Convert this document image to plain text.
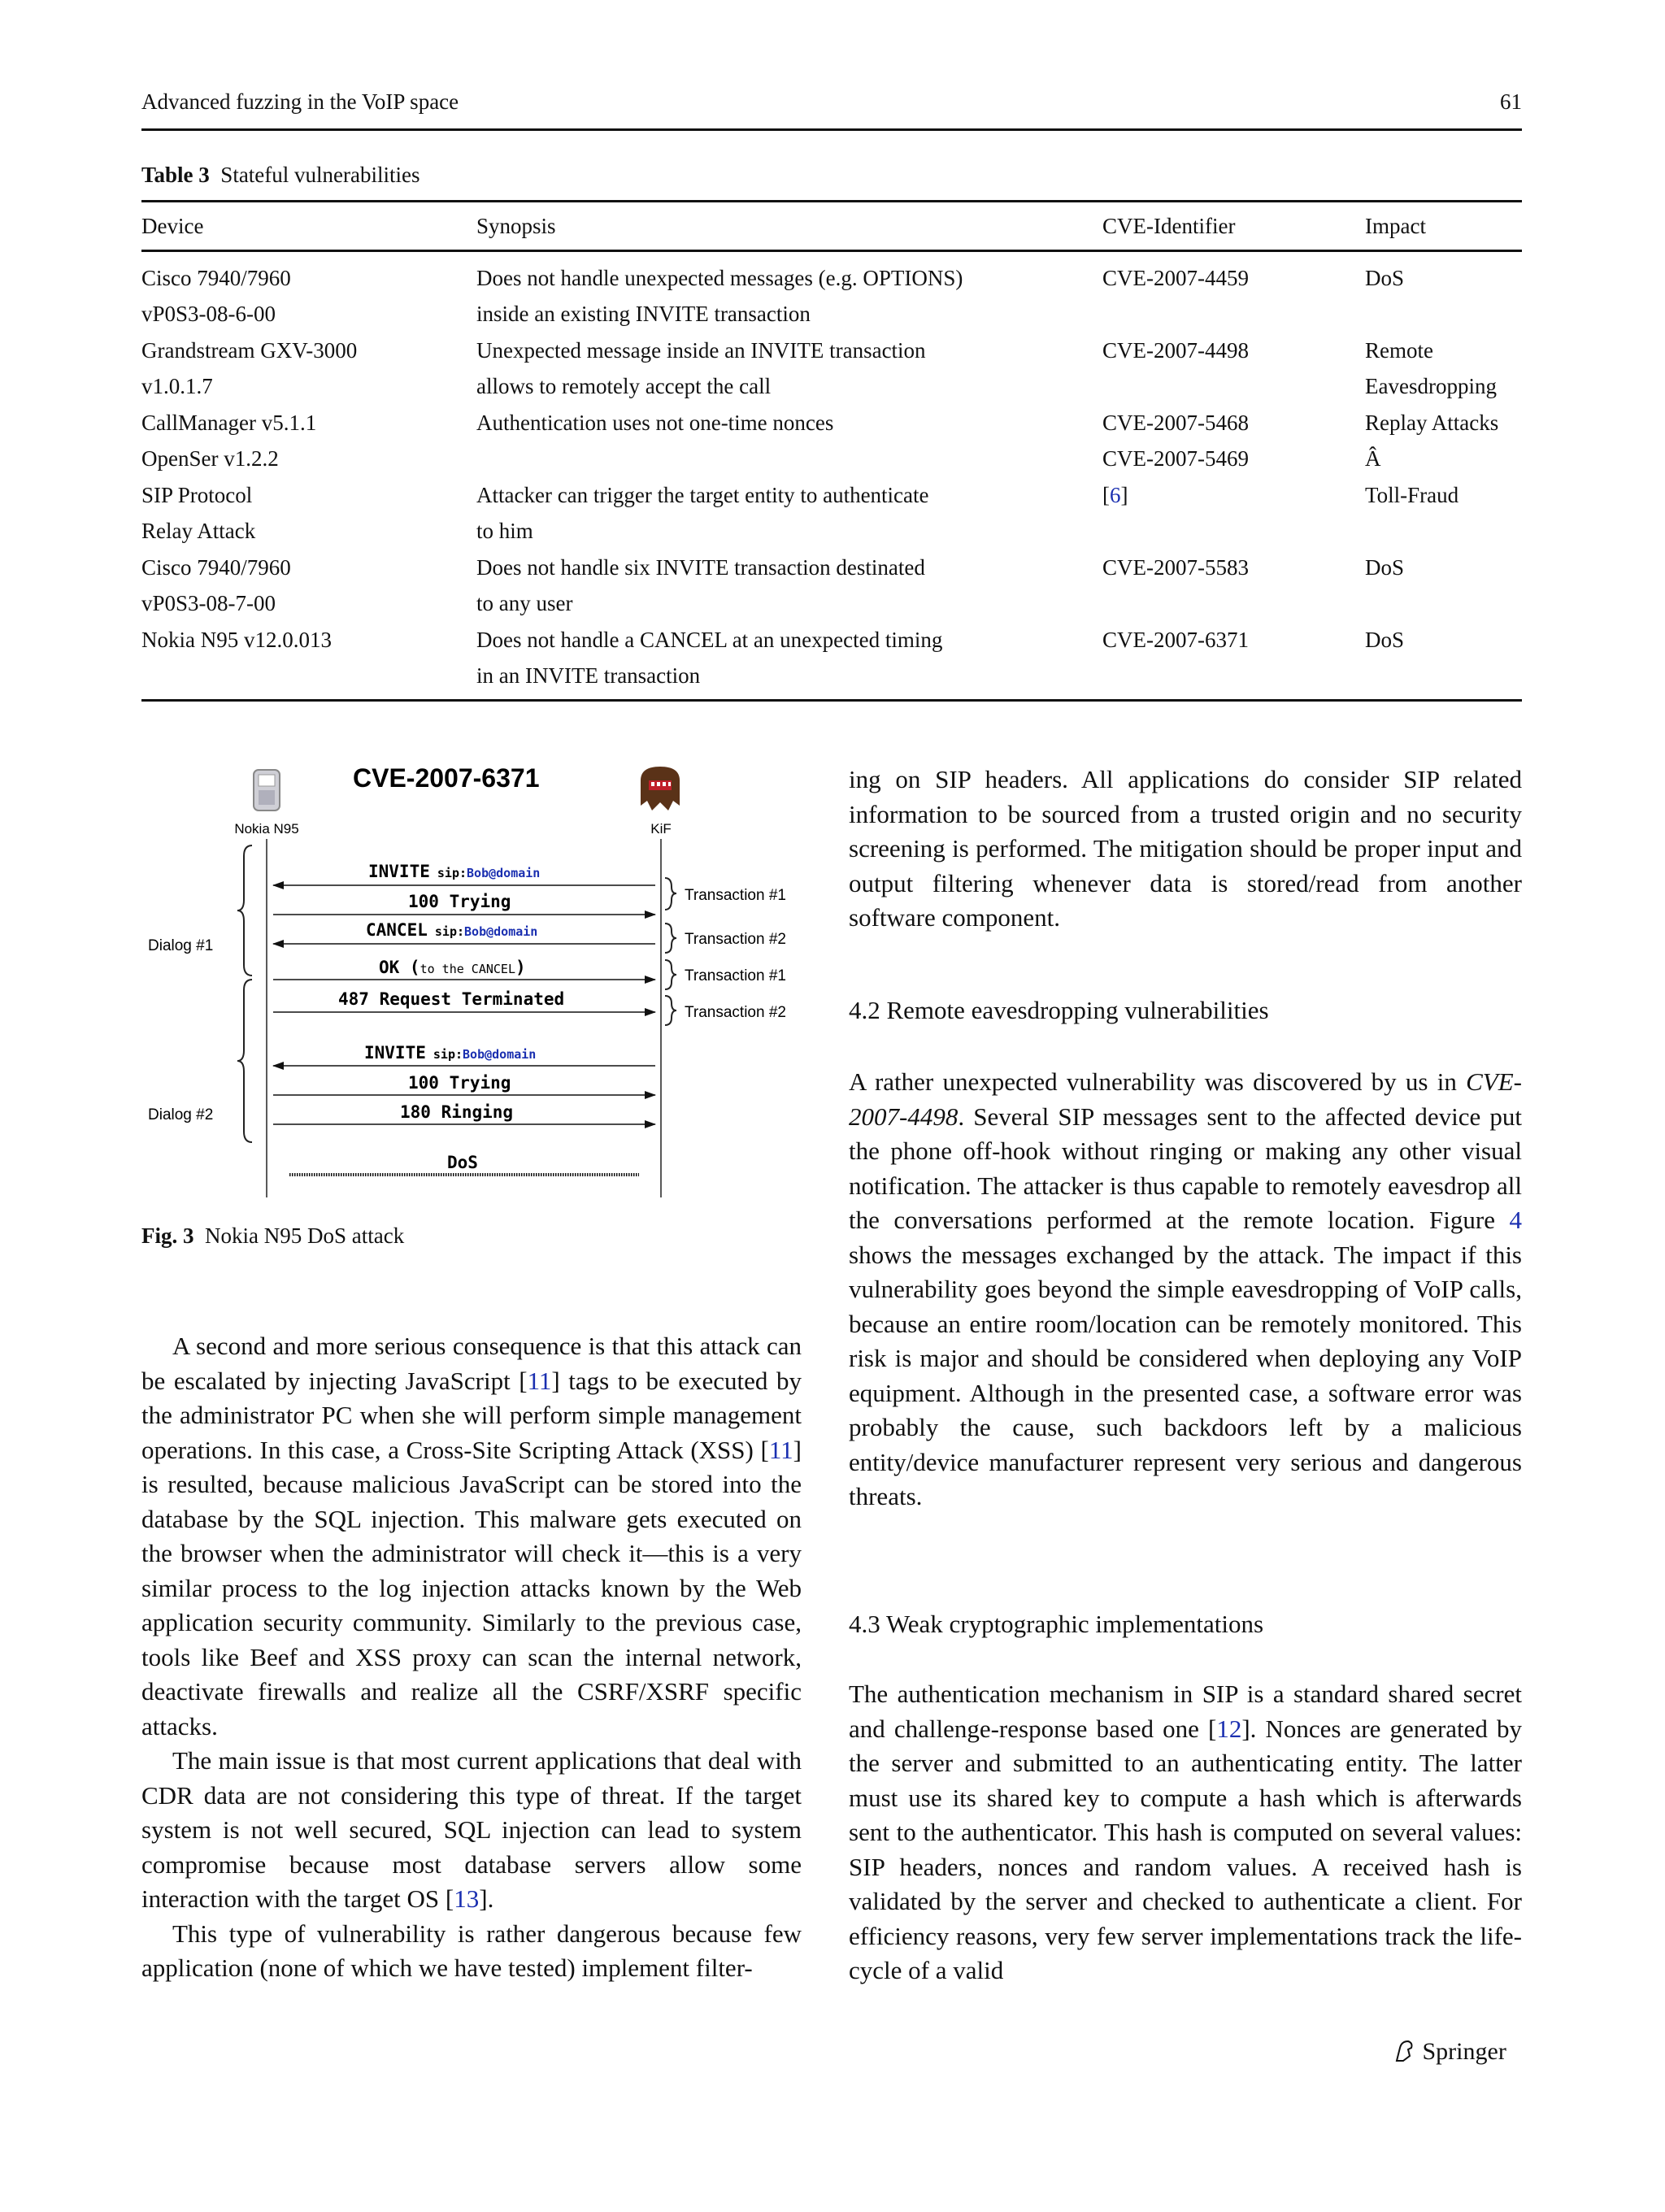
Advanced fuzzing in the VoIP space	61
Table 3 Stateful vulnerabilities
Device	Synopsis	CVE-Identifier	Impact
Cisco 7940/7960	Does not handle unexpected messages (e.g. OPTIONS)	CVE-2007-4459	DoS
vP0S3-08-6-00	inside an existing INVITE transaction		
Grandstream GXV-3000	Unexpected message inside an INVITE transaction	CVE-2007-4498	Remote
v1.0.1.7	allows to remotely accept the call		Eavesdropping
CallManager v5.1.1	Authentication uses not one-time nonces	CVE-2007-5468	Replay Attacks
OpenSer v1.2.2		CVE-2007-5469	Â
SIP Protocol	Attacker can trigger the target entity to authenticate	[6]	Toll-Fraud
Relay Attack	to him		
Cisco 7940/7960	Does not handle six INVITE transaction destinated	CVE-2007-5583	DoS
vP0S3-08-7-00	to any user		
Nokia N95 v12.0.013	Does not handle a CANCEL at an unexpected timing	CVE-2007-6371	DoS
	in an INVITE transaction		
CVE-2007-6371
Nokia N95	KiF
Dialog #1
Dialog #2
INVITE sip:Bob@domain
100 Trying
CANCEL sip:Bob@domain
OK (to the CANCEL)
487 Request Terminated
INVITE sip:Bob@domain
100 Trying
180 Ringing
DoS
Transaction #1
Transaction #2
Transaction #1
Transaction #2
Fig. 3 Nokia N95 DoS attack

A second and more serious consequence is that this attack can be escalated by injecting JavaScript [11] tags to be executed by the administrator PC when she will perform simple management operations. In this case, a Cross-Site Scripting Attack (XSS) [11] is resulted, because malicious JavaScript can be stored into the database by the SQL injection. This malware gets executed on the browser when the administrator will check it—this is a very similar process to the log injection attacks known by the Web application security community. Similarly to the previous case, tools like Beef and XSS proxy can scan the internal network, deactivate firewalls and realize all the CSRF/XSRF specific attacks.

The main issue is that most current applications that deal with CDR data are not considering this type of threat. If the target system is not well secured, SQL injection can lead to system compromise because most database servers allow some interaction with the target OS [13].

This type of vulnerability is rather dangerous because few application (none of which we have tested) implement filter-

ing on SIP headers. All applications do consider SIP related information to be sourced from a trusted origin and no security screening is performed. The mitigation should be proper input and output filtering whenever data is stored/read from another software component.

4.2 Remote eavesdropping vulnerabilities

A rather unexpected vulnerability was discovered by us in CVE-2007-4498. Several SIP messages sent to the affected device put the phone off-hook without ringing or making any other visual notification. The attacker is thus capable to remotely eavesdrop all the conversations performed at the remote location. Figure 4 shows the messages exchanged by the attack. The impact if this vulnerability goes beyond the simple eavesdropping of VoIP calls, because an entire room/location can be remotely monitored. This risk is major and should be considered when deploying any VoIP equipment. Although in the presented case, a software error was probably the cause, such backdoors left by a malicious entity/device manufacturer represent very serious and dangerous threats.

4.3 Weak cryptographic implementations

The authentication mechanism in SIP is a standard shared secret and challenge-response based one [12]. Nonces are generated by the server and submitted to an authenticating entity. The latter must use its shared key to compute a hash which is afterwards sent to the authenticator. This hash is computed on several values: SIP headers, nonces and random values. A received hash is validated by the server and checked to authenticate a client. For efficiency reasons, very few server implementations track the life-cycle of a valid

Springer
